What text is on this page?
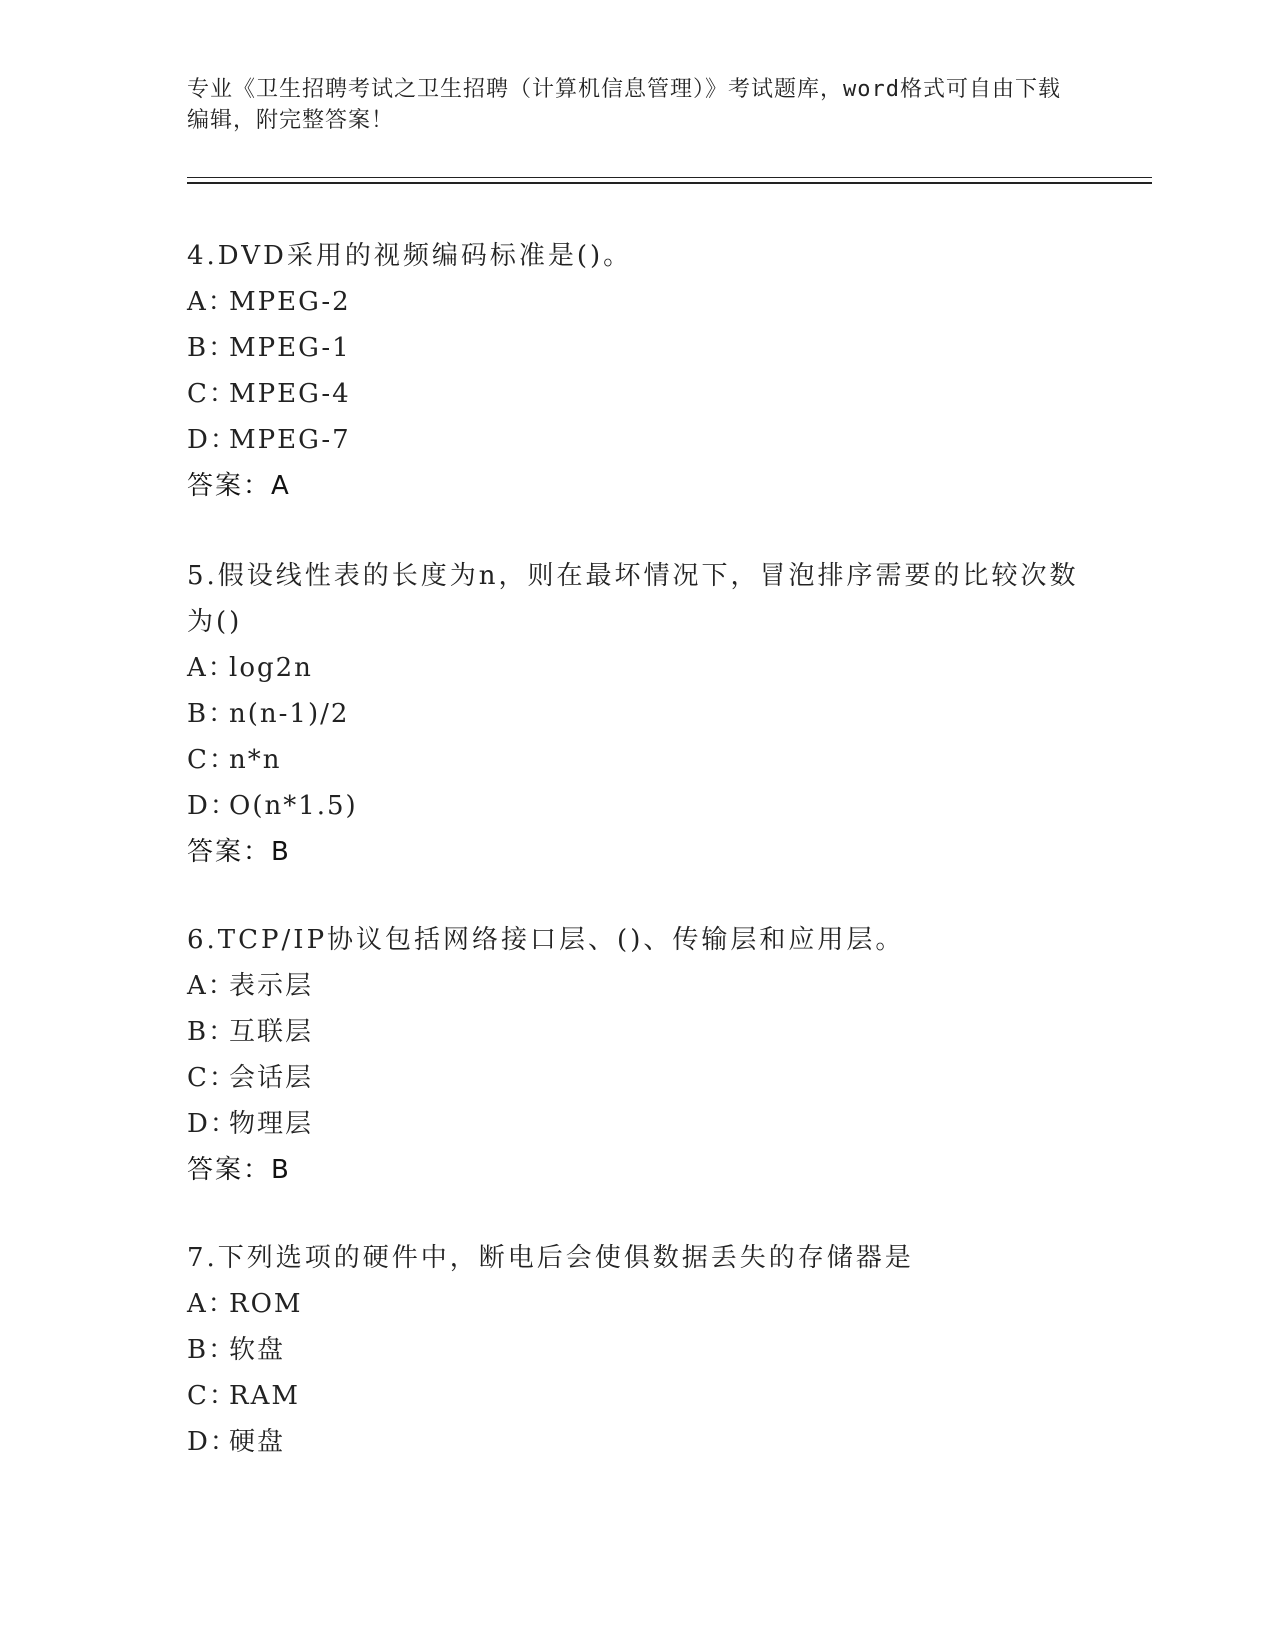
专业《卫生招聘考试之卫生招聘（计算机信息管理）》考试题库，word格式可自由下载编辑，附完整答案！
4.DVD采用的视频编码标准是()。
A：MPEG-2
B：MPEG-1
C：MPEG-4
D：MPEG-7
答案：A
5.假设线性表的长度为n，则在最坏情况下，冒泡排序需要的比较次数为()
A：log2n
B：n(n-1)/2
C：n*n
D：O(n*1.5)
答案：B
6.TCP/IP协议包括网络接口层、()、传输层和应用层。
A：表示层
B：互联层
C：会话层
D：物理层
答案：B
7.下列选项的硬件中，断电后会使俱数据丢失的存储器是
A：ROM
B：软盘
C：RAM
D：硬盘
